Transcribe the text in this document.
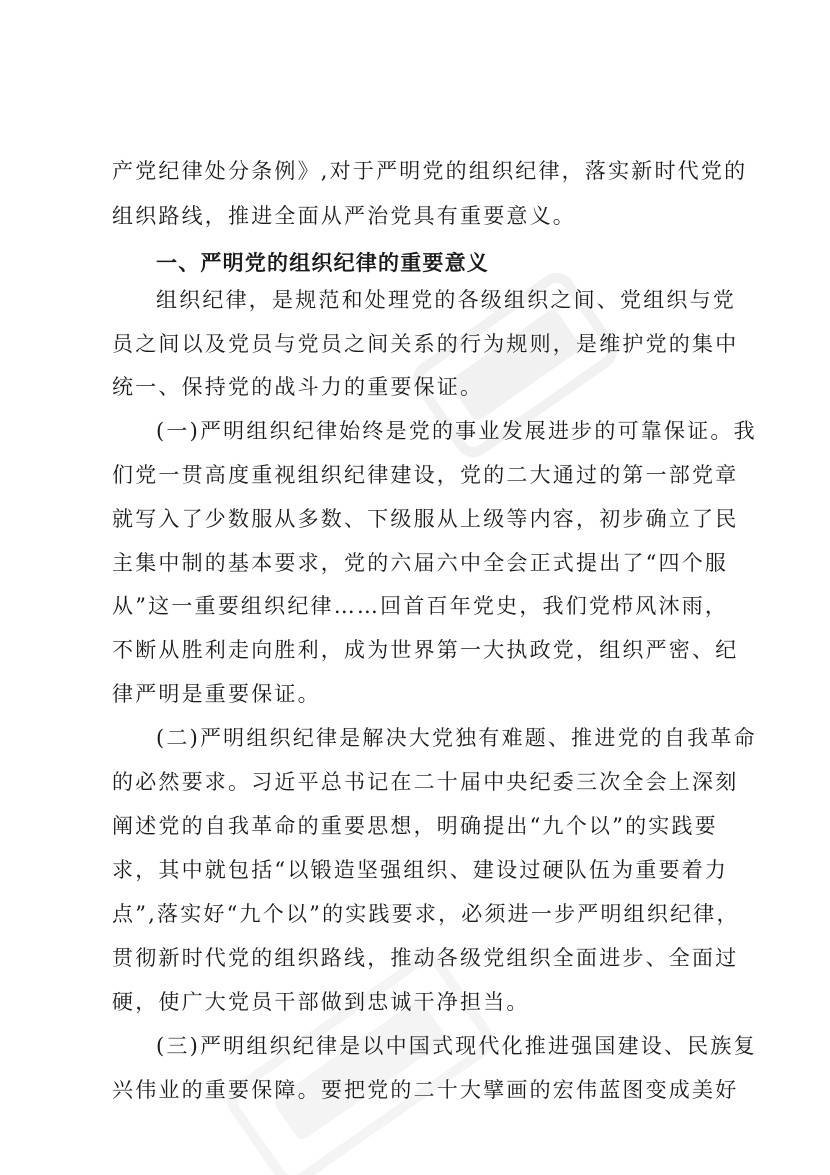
产党纪律处分条例》,对于严明党的组织纪律，落实新时代党的
组织路线，推进全面从严治党具有重要意义。
一、严明党的组织纪律的重要意义
组织纪律，是规范和处理党的各级组织之间、党组织与党
员之间以及党员与党员之间关系的行为规则，是维护党的集中
统一、保持党的战斗力的重要保证。
(一)严明组织纪律始终是党的事业发展进步的可靠保证。我
们党一贯高度重视组织纪律建设，党的二大通过的第一部党章
就写入了少数服从多数、下级服从上级等内容，初步确立了民
主集中制的基本要求，党的六届六中全会正式提出了“四个服
从”这一重要组织纪律……回首百年党史，我们党栉风沐雨，
不断从胜利走向胜利，成为世界第一大执政党，组织严密、纪
律严明是重要保证。
(二)严明组织纪律是解决大党独有难题、推进党的自我革命
的必然要求。习近平总书记在二十届中央纪委三次全会上深刻
阐述党的自我革命的重要思想，明确提出“九个以”的实践要
求，其中就包括“以锻造坚强组织、建设过硬队伍为重要着力
点”,落实好“九个以”的实践要求，必须进一步严明组织纪律，
贯彻新时代党的组织路线，推动各级党组织全面进步、全面过
硬，使广大党员干部做到忠诚干净担当。
(三)严明组织纪律是以中国式现代化推进强国建设、民族复
兴伟业的重要保障。要把党的二十大擘画的宏伟蓝图变成美好
